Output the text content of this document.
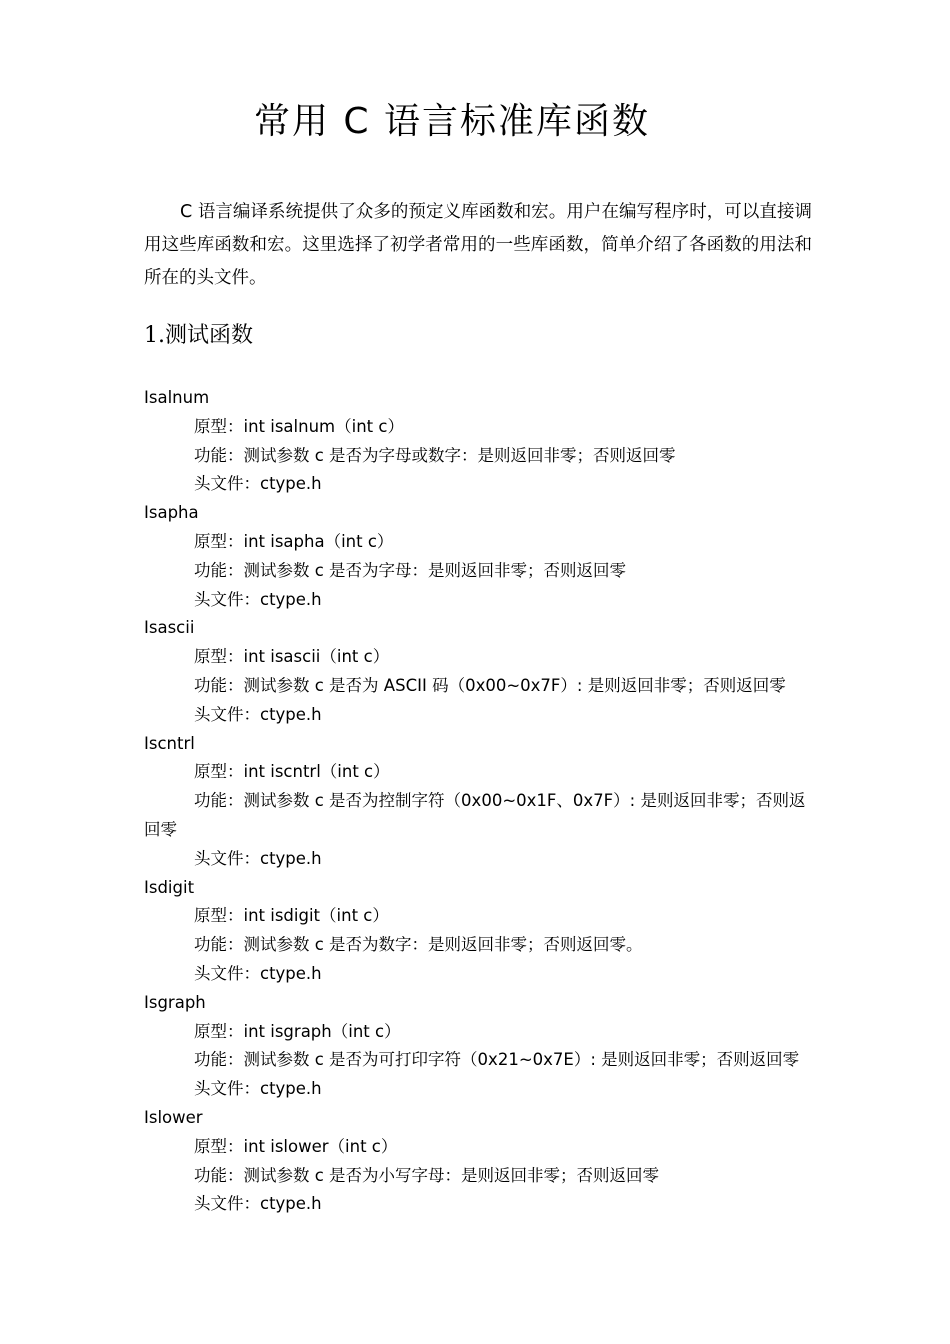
常用 C 语言标准库函数

C 语言编译系统提供了众多的预定义库函数和宏。用户在编写程序时，可以直接调用这些库函数和宏。这里选择了初学者常用的一些库函数，简单介绍了各函数的用法和所在的头文件。

1.测试函数

Isalnum

原型：int isalnum（int c）

功能：测试参数 c 是否为字母或数字：是则返回非零；否则返回零

头文件：ctype.h

Isapha

原型：int isapha（int c）

功能：测试参数 c 是否为字母：是则返回非零；否则返回零

头文件：ctype.h

Isascii

原型：int isascii（int c）

功能：测试参数 c 是否为 ASCII 码（0x00~0x7F）: 是则返回非零；否则返回零

头文件：ctype.h

Iscntrl

原型：int iscntrl（int c）

功能：测试参数 c 是否为控制字符（0x00~0x1F、0x7F）: 是则返回非零；否则返回零

头文件：ctype.h

Isdigit

原型：int isdigit（int c）

功能：测试参数 c 是否为数字：是则返回非零；否则返回零。

头文件：ctype.h

Isgraph

原型：int isgraph（int c）

功能：测试参数 c 是否为可打印字符（0x21~0x7E）: 是则返回非零；否则返回零

头文件：ctype.h

Islower

原型：int islower（int c）

功能：测试参数 c 是否为小写字母：是则返回非零；否则返回零

头文件：ctype.h
